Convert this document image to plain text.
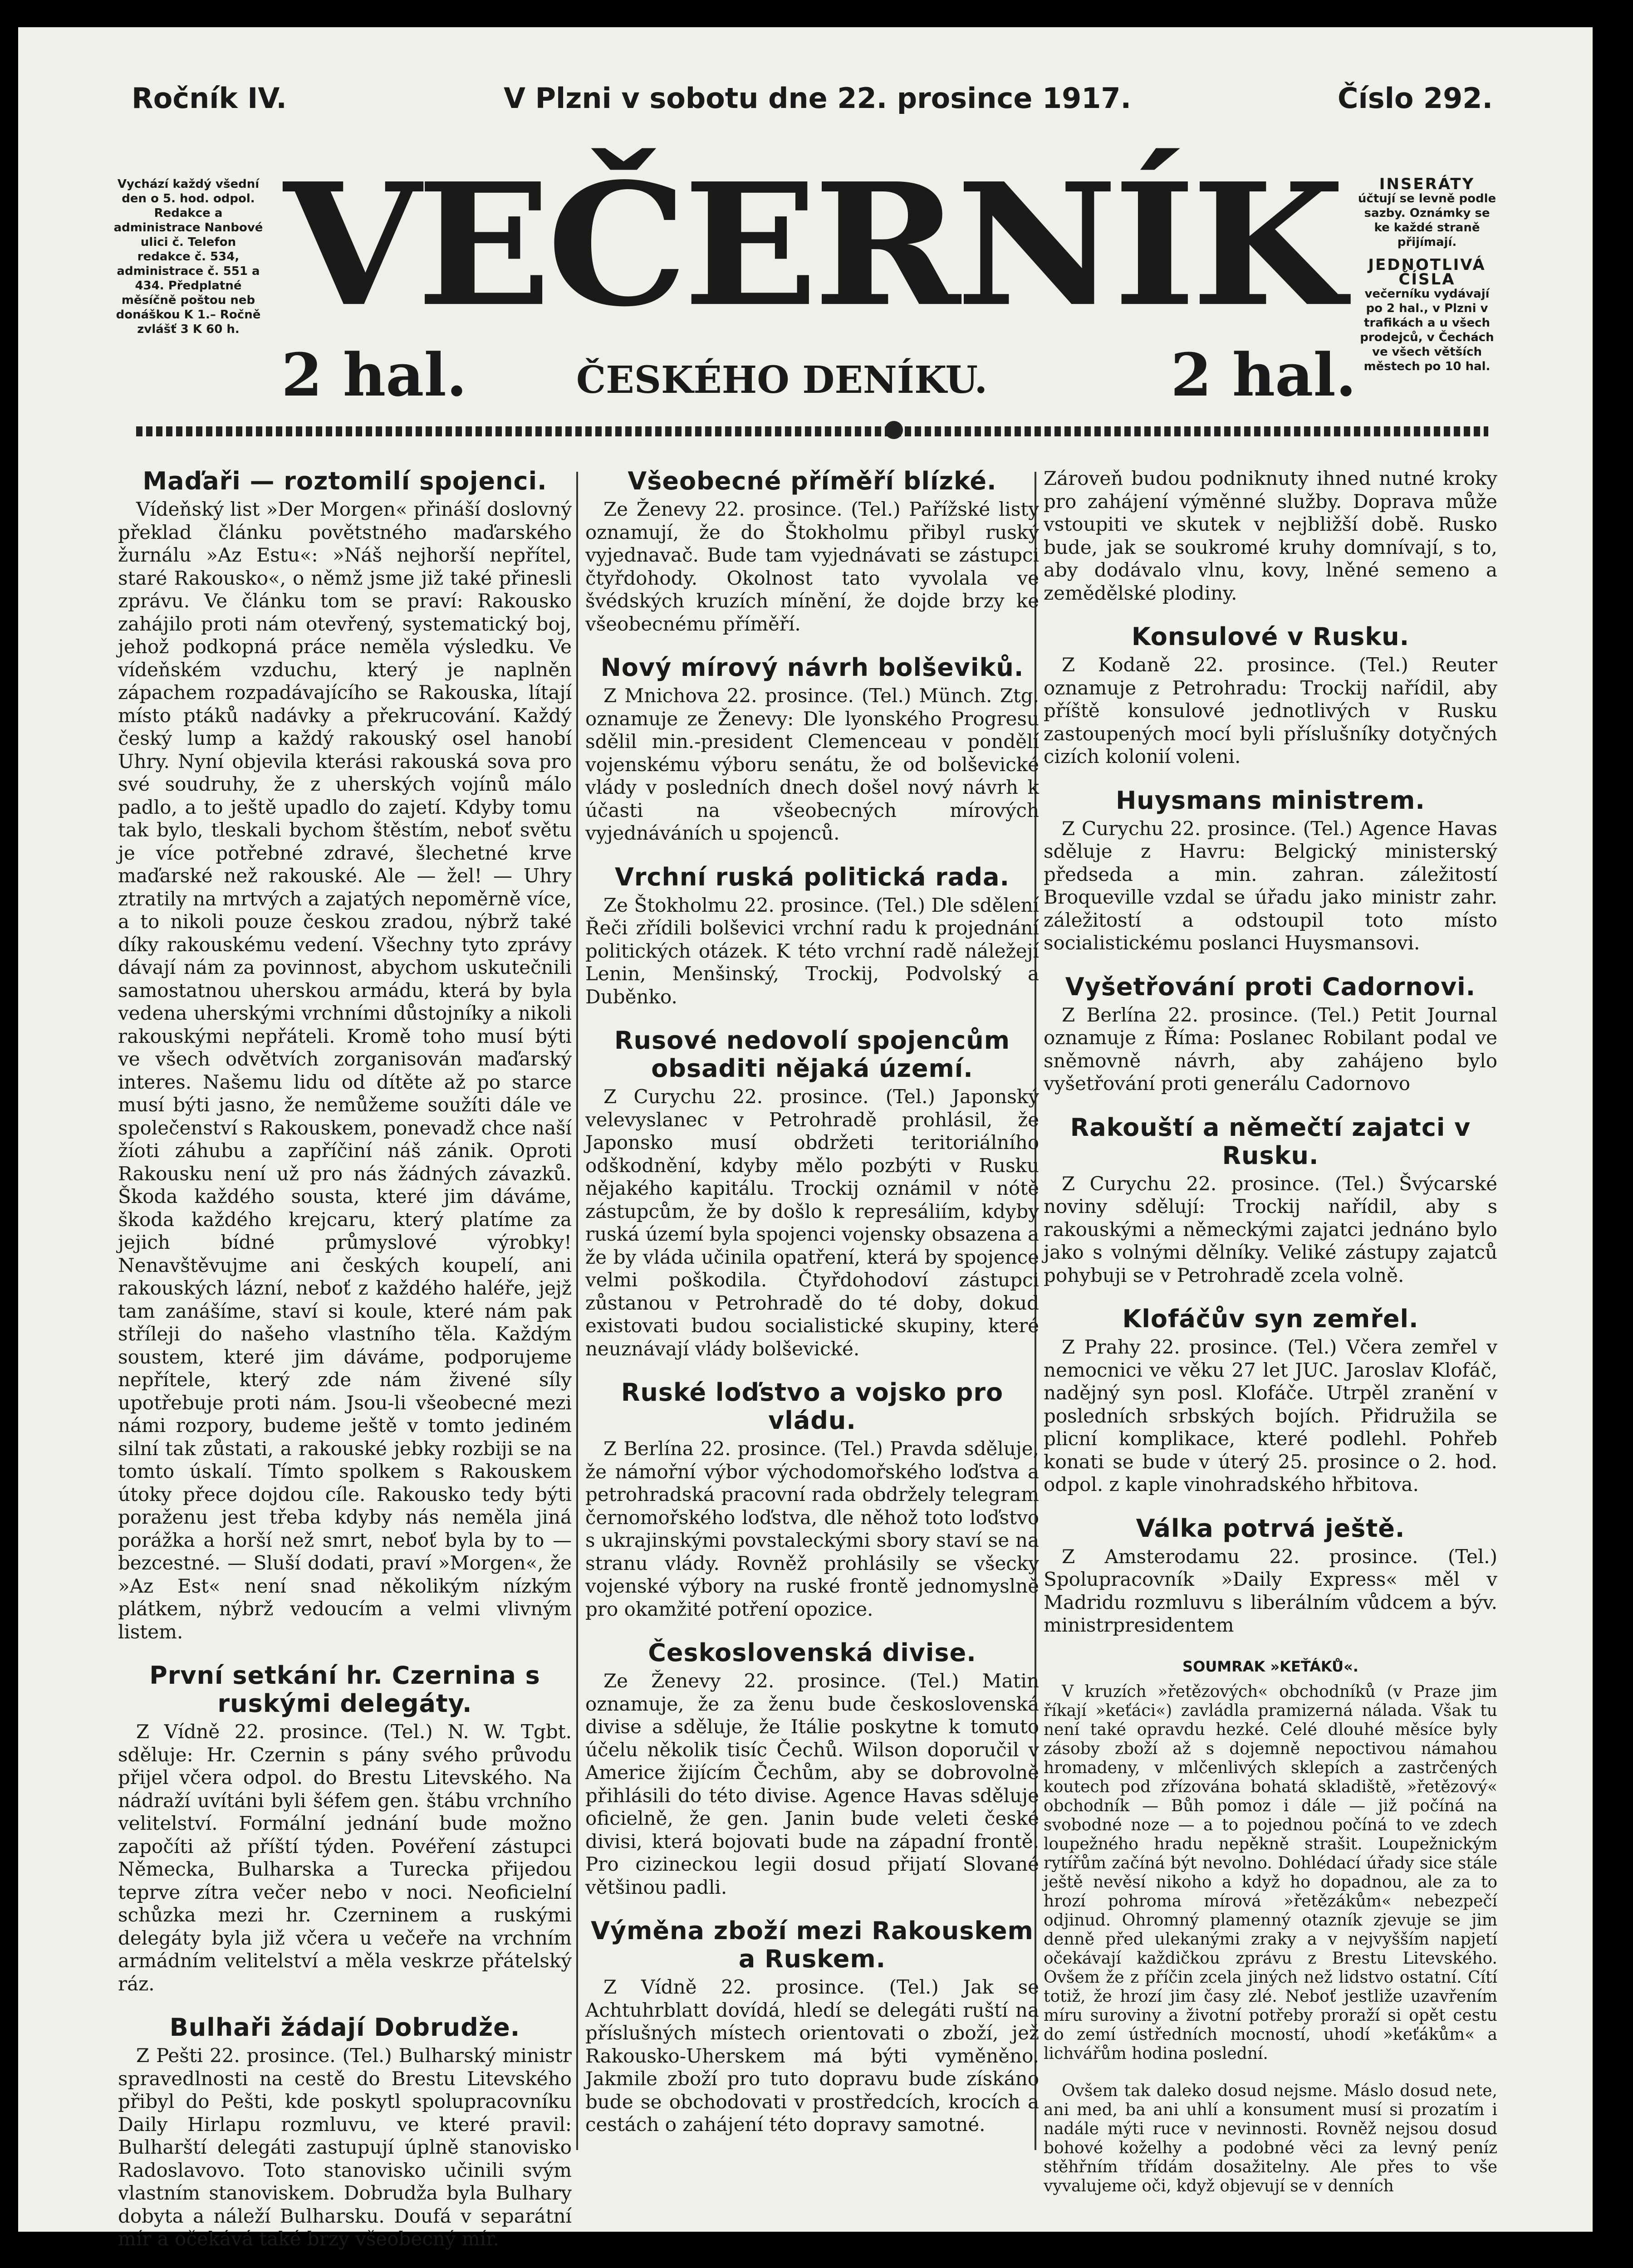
Ročník IV.	V Plzni v sobotu dne 22. prosince 1917.	Číslo 292.
Vychází každý všední den o 5. hod. odpol. Redakce a administrace Nanbové ulici č. Telefon redakce č. 534, administrace č. 551 a 434. Předplatné měsíčně poštou neb donáškou K 1.– Ročně zvlášť 3 K 60 h.
INSERÁTY
účtují se levně podle sazby. Oznámky se ke každé straně přijímají.
JEDNOTLIVÁ ČÍSLA
večerníku vydávají po 2 hal., v Plzni v trafikách a u všech prodejců, v Čechách ve všech větších městech po 10 hal.
VEČERNÍK
2 hal.	ČESKÉHO DENÍKU.	2 hal.
Maďaři — roztomilí spojenci.

Vídeňský list »Der Morgen« přináší doslovný překlad článku povětstného maďarského žurnálu »Az Estu«: »Náš nejhorší nepřítel, staré Rakousko«, o němž jsme již také přinesli zprávu. Ve článku tom se praví: Rakousko zahájilo proti nám otevřený, systematický boj, jehož podkopná práce neměla výsledku. Ve vídeňském vzduchu, který je naplněn zápachem rozpadávajícího se Rakouska, lítají místo ptáků nadávky a překrucování. Každý český lump a každý rakouský osel hanobí Uhry. Nyní objevila kterási rakouská sova pro své soudruhy, že z uherských vojínů málo padlo, a to ještě upadlo do zajetí. Kdyby tomu tak bylo, tleskali bychom štěstím, neboť světu je více potřebné zdravé, šlechetné krve maďarské než rakouské. Ale — žel! — Uhry ztratily na mrtvých a zajatých nepoměrně více, a to nikoli pouze českou zradou, nýbrž také díky rakouskému vedení. Všechny tyto zprávy dávají nám za povinnost, abychom uskutečnili samostatnou uherskou armádu, která by byla vedena uherskými vrchními důstojníky a nikoli rakouskými nepřáteli. Kromě toho musí býti ve všech odvětvích zorganisován maďarský interes. Našemu lidu od dítěte až po starce musí býti jasno, že nemůžeme soužíti dále ve společenství s Rakouskem, ponevadž chce naší žíoti záhubu a zapříčiní náš zánik. Oproti Rakousku není už pro nás žádných závazků. Škoda každého sousta, které jim dáváme, škoda každého krejcaru, který platíme za jejich bídné průmyslové výrobky! Nenavštěvujme ani českých koupelí, ani rakouských lázní, neboť z každého haléře, jejž tam zanášíme, staví si koule, které nám pak stříleji do našeho vlastního těla. Každým soustem, které jim dáváme, podporujeme nepřítele, který zde nám živené síly upotřebuje proti nám. Jsou-li všeobecné mezi námi rozpory, budeme ještě v tomto jediném silní tak zůstati, a rakouské jebky rozbiji se na tomto úskalí. Tímto spolkem s Rakouskem útoky přece dojdou cíle. Rakousko tedy býti poraženu jest třeba kdyby nás neměla jiná porážka a horší než smrt, neboť byla by to — bezcestné. — Sluší dodati, praví »Morgen«, že »Az Est« není snad několikým nízkým plátkem, nýbrž vedoucím a velmi vlivným listem.

První setkání hr. Czernina s ruskými delegáty.

Z Vídně 22. prosince. (Tel.) N. W. Tgbt. sděluje: Hr. Czernin s pány svého průvodu přijel včera odpol. do Brestu Litevského. Na nádraží uvítáni byli šéfem gen. štábu vrchního velitelství. Formální jednání bude možno započíti až příští týden. Povéření zástupci Německa, Bulharska a Turecka přijedou teprve zítra večer nebo v noci. Neoficielní schůzka mezi hr. Czerninem a ruskými delegáty byla již včera u večeře na vrchním armádním velitelství a měla veskrze přátelský ráz.

Bulhaři žádají Dobrudže.

Z Pešti 22. prosince. (Tel.) Bulharský ministr spravedlnosti na cestě do Brestu Litevského přibyl do Pešti, kde poskytl spolupracovníku Daily Hirlapu rozmluvu, ve které pravil: Bulharští delegáti zastupují úplně stanovisko Radoslavovo. Toto stanovisko učinili svým vlastním stanoviskem. Dobrudža byla Bulhary dobyta a náleží Bulharsku. Doufá v separátní mír a očekává také brzy všeobecný mír.

Všeobecné příměří blízké.

Ze Ženevy 22. prosince. (Tel.) Pařížské listy oznamují, že do Štokholmu přibyl ruský vyjednavač. Bude tam vyjednávati se zástupci čtyřdohody. Okolnost tato vyvolala ve švédských kruzích mínění, že dojde brzy ke všeobecnému příměří.

Nový mírový návrh bolševiků.

Z Mnichova 22. prosince. (Tel.) Münch. Ztg. oznamuje ze Ženevy: Dle lyonského Progresu sdělil min.-president Clemenceau v pondělí vojenskému výboru senátu, že od bolševické vlády v posledních dnech došel nový návrh k účasti na všeobecných mírových vyjednáváních u spojenců.

Vrchní ruská politická rada.

Ze Štokholmu 22. prosince. (Tel.) Dle sdělení Řeči zřídili bolševici vrchní radu k projednání politických otázek. K této vrchní radě náležejí Lenin, Menšinský, Trockij, Podvolský a Duběnko.

Rusové nedovolí spojencům obsaditi nějaká území.

Z Curychu 22. prosince. (Tel.) Japonský velevyslanec v Petrohradě prohlásil, že Japonsko musí obdržeti teritoriálního odškodnění, kdyby mělo pozbýti v Rusku nějakého kapitálu. Trockij oznámil v nótě zástupcům, že by došlo k represáliím, kdyby ruská území byla spojenci vojensky obsazena a že by vláda učinila opatření, která by spojence velmi poškodila. Čtyřdohodoví zástupci zůstanou v Petrohradě do té doby, dokud existovati budou socialistické skupiny, které neuznávají vlády bolševické.

Ruské loďstvo a vojsko pro vládu.

Z Berlína 22. prosince. (Tel.) Pravda sděluje, že námořní výbor východomořského loďstva a petrohradská pracovní rada obdržely telegram černomořského loďstva, dle něhož toto loďstvo s ukrajinskými povstaleckými sbory staví se na stranu vlády. Rovněž prohlásily se všecky vojenské výbory na ruské frontě jednomyslně pro okamžité potření opozice.

Československá divise.

Ze Ženevy 22. prosince. (Tel.) Matin oznamuje, že za ženu bude československá divise a sděluje, že Itálie poskytne k tomuto účelu několik tisíc Čechů. Wilson doporučil v Americe žijícím Čechům, aby se dobrovolně přihlásili do této divise. Agence Havas sděluje oficielně, že gen. Janin bude veleti české divisi, která bojovati bude na západní frontě. Pro cizineckou legii dosud přijatí Slované většinou padli.

Výměna zboží mezi Rakouskem a Ruskem.

Z Vídně 22. prosince. (Tel.) Jak se Achtuhrblatt dovídá, hledí se delegáti ruští na příslušných místech orientovati o zboží, jež Rakousko-Uherskem má býti vyměněno. Jakmile zboží pro tuto dopravu bude získáno bude se obchodovati v prostředcích, krocích a cestách o zahájení této dopravy samotné.

Zároveň budou podniknuty ihned nutné kroky pro zahájení výměnné služby. Doprava může vstoupiti ve skutek v nejbližší době. Rusko bude, jak se soukromé kruhy domnívají, s to, aby dodávalo vlnu, kovy, lněné semeno a zemědělské plodiny.

Konsulové v Rusku.

Z Kodaně 22. prosince. (Tel.) Reuter oznamuje z Petrohradu: Trockij nařídil, aby příště konsulové jednotlivých v Rusku zastoupených mocí byli příslušníky dotyčných cizích kolonií voleni.

Huysmans ministrem.

Z Curychu 22. prosince. (Tel.) Agence Havas sděluje z Havru: Belgický ministerský předseda a min. zahran. záležitostí Broqueville vzdal se úřadu jako ministr zahr. záležitostí a odstoupil toto místo socialistickému poslanci Huysmansovi.

Vyšetřování proti Cadornovi.

Z Berlína 22. prosince. (Tel.) Petit Journal oznamuje z Říma: Poslanec Robilant podal ve sněmovně návrh, aby zahájeno bylo vyšetřování proti generálu Cadornovo

Rakouští a němečtí zajatci v Rusku.

Z Curychu 22. prosince. (Tel.) Švýcarské noviny sdělují: Trockij nařídil, aby s rakouskými a německými zajatci jednáno bylo jako s volnými dělníky. Veliké zástupy zajatců pohybuji se v Petrohradě zcela volně.

Klofáčův syn zemřel.

Z Prahy 22. prosince. (Tel.) Včera zemřel v nemocnici ve věku 27 let JUC. Jaroslav Klofáč, nadějný syn posl. Klofáče. Utrpěl zranění v posledních srbských bojích. Přidružila se plicní komplikace, které podlehl. Pohřeb konati se bude v úterý 25. prosince o 2. hod. odpol. z kaple vinohradského hřbitova.

Válka potrvá ještě.

Z Amsterodamu 22. prosince. (Tel.) Spolupracovník »Daily Express« měl v Madridu rozmluvu s liberálním vůdcem a býv. ministrpresidentem

SOUMRAK »KEŤÁKŮ«.

V kruzích »řetězových« obchodníků (v Praze jim říkají »keťáci«) zavládla pramizerná nálada. Však tu není také opravdu hezké. Celé dlouhé měsíce byly zásoby zboží až s dojemně nepoctivou námahou hromadeny, v mlčenlivých sklepích a zastrčených koutech pod zřízována bohatá skladiště, »řetězový« obchodník — Bůh pomoz i dále — již počíná na svobodné noze — a to pojednou počíná to ve zdech loupežného hradu nepěkně strašit. Loupežnickým rytířům začíná být nevolno. Dohlédací úřady sice stále ještě nevěsí nikoho a když ho dopadnou, ale za to hrozí pohroma mírová »řetězákům« nebezpečí odjinud. Ohromný plamenný otazník zjevuje se jim denně před ulekanými zraky a v nejvyšším napjetí očekávají každičkou zprávu z Brestu Litevského. Ovšem že z příčin zcela jiných než lidstvo ostatní. Cítí totiž, že hrozí jim časy zlé. Neboť jestliže uzavřením míru suroviny a životní potřeby proraží si opět cestu do zemí ústředních mocností, uhodí »keťákům« a lichvářům hodina poslední.

Ovšem tak daleko dosud nejsme. Máslo dosud nete, ani med, ba ani uhlí a konsument musí si prozatím i nadále mýti ruce v nevinnosti. Rovněž nejsou dosud bohové koželhy a podobné věci za levný peníz stěhřním třídám dosažitelny. Ale přes to vše vyvalujeme oči, když objevují se v denních
